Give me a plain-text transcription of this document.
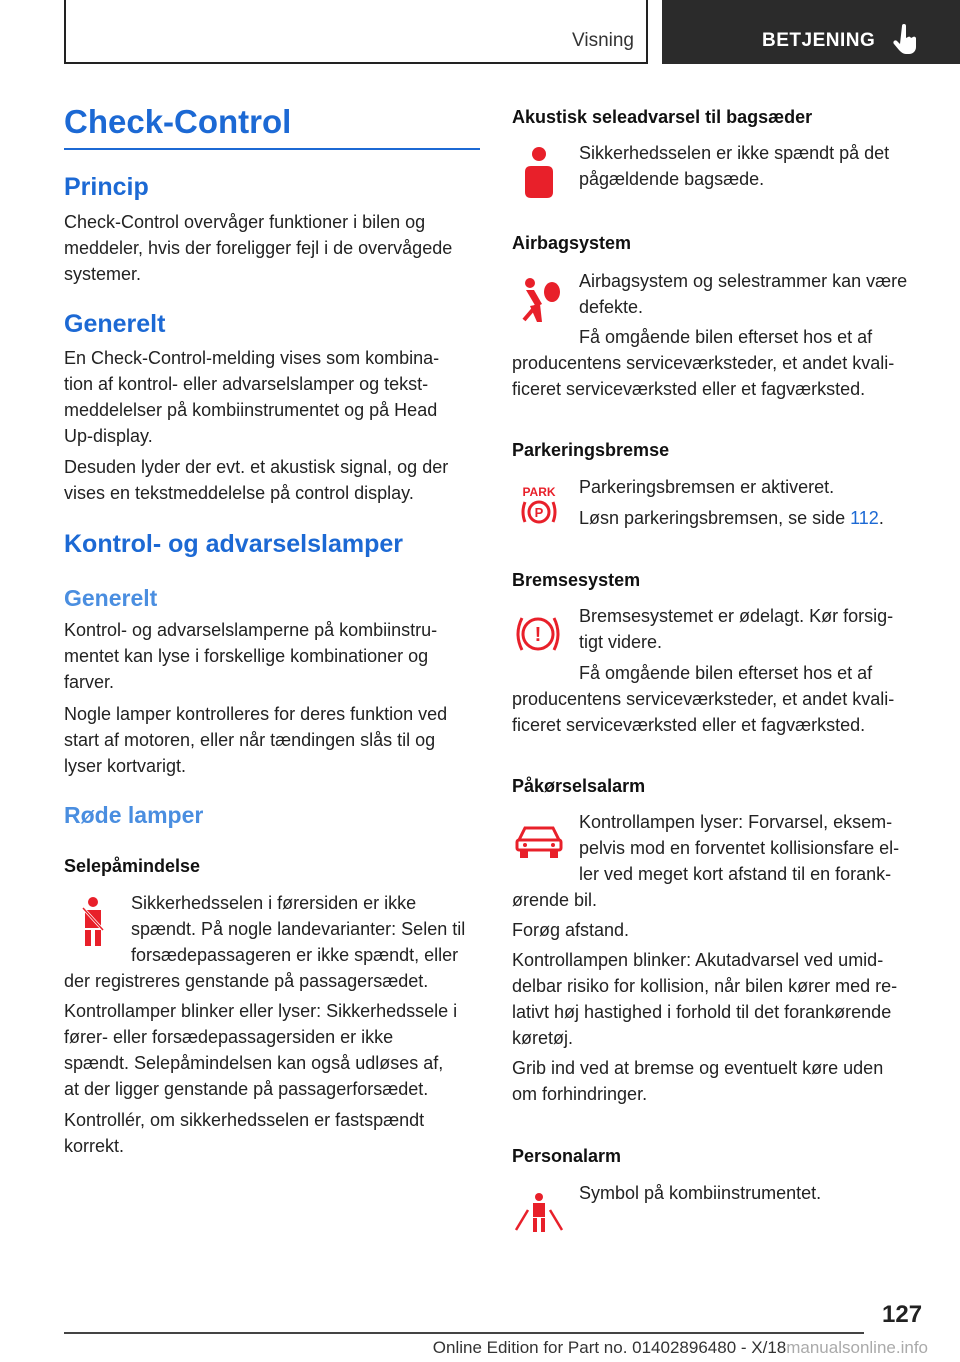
Visning	BETJENING
Check-Control
Princip

Check-Control overvåger funktioner i bilen og

meddeler, hvis der foreligger fejl i de overvågede

systemer.

Generelt

En Check-Control-melding vises som kombina-

tion af kontrol- eller advarselslamper og tekst-

meddelelser på kombiinstrumentet og på Head

Up-display.

Desuden lyder der evt. et akustisk signal, og der

vises en tekstmeddelelse på control display.

Kontrol- og advarselslamper
Generelt

Kontrol- og advarselslamperne på kombiinstru-

mentet kan lyse i forskellige kombinationer og

farver.

Nogle lamper kontrolleres for deres funktion ved

start af motoren, eller når tændingen slås til og

lyser kortvarigt.

Røde lamper
Selepåmindelse

Sikkerhedsselen i førersiden er ikke

spændt. På nogle landevarianter: Selen til

forsædepassageren er ikke spændt, eller

der registreres genstande på passagersædet.

Kontrollamper blinker eller lyser: Sikkerhedssele i

fører- eller forsædepassagersiden er ikke

spændt. Selepåmindelsen kan også udløses af,

at der ligger genstande på passagerforsædet.

Kontrollér, om sikkerhedsselen er fastspændt

korrekt.

Akustisk seleadvarsel til bagsæder

Sikkerhedsselen er ikke spændt på det

pågældende bagsæde.

Airbagsystem

Airbagsystem og selestrammer kan være

defekte.

Få omgående bilen efterset hos et af

producentens serviceværksteder, et andet kvali-

ficeret serviceværksted eller et fagværksted.

Parkeringsbremse
PARK
P

Parkeringsbremsen er aktiveret.

Løsn parkeringsbremsen, se side 112.

Bremsesystem
!

Bremsesystemet er ødelagt. Kør forsig-

tigt videre.

Få omgående bilen efterset hos et af

producentens serviceværksteder, et andet kvali-

ficeret serviceværksted eller et fagværksted.

Påkørselsalarm

Kontrollampen lyser: Forvarsel, eksem-

pelvis mod en forventet kollisionsfare el-

ler ved meget kort afstand til en forank-

ørende bil.

Forøg afstand.

Kontrollampen blinker: Akutadvarsel ved umid-

delbar risiko for kollision, når bilen kører med re-

lativt høj hastighed i forhold til det forankørende

køretøj.

Grib ind ved at bremse og eventuelt køre uden

om forhindringer.

Personalarm

Symbol på kombiinstrumentet.

127
Online Edition for Part no. 01402896480 - X/18manualsonline.info
